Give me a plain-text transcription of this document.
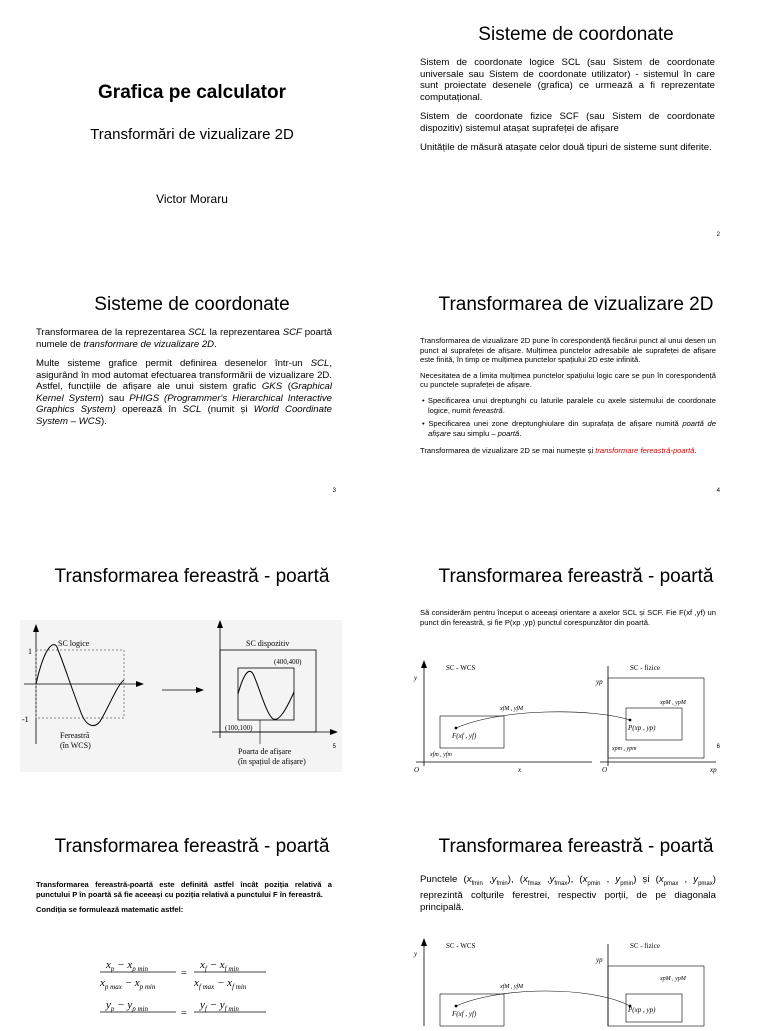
Grafica pe calculator
Transformări de vizualizare 2D
Victor Moraru
Sisteme de coordonate

Sistem de coordonate logice SCL (sau Sistem de coordonate universale sau Sistem de coordonate utilizator) - sistemul în care sunt proiectate desenele (grafica) ce urmează a fi reprezentate computațional.

Sistem de coordonate fizice SCF (sau Sistem de coordonate dispozitiv) sistemul atașat suprafeței de afișare

Unitățile de măsură atașate celor două tipuri de sisteme sunt diferite.

2
Sisteme de coordonate

Transformarea de la reprezentarea SCL la reprezentarea SCF poartă numele de transformare de vizualizare 2D.

Multe sisteme grafice permit definirea desenelor într-un SCL, asigurând în mod automat efectuarea transformării de vizualizare 2D. Astfel, funcțiile de afișare ale unui sistem grafic GKS (Graphical Kernel System) sau PHIGS (Programmer's Hierarchical Interactive Graphics System) operează în SCL (numit și World Coordinate System – WCS).

3
Transformarea de vizualizare 2D

Transformarea de vizualizare 2D pune în corespondență fiecărui punct al unui desen un punct al suprafeței de afișare. Mulțimea punctelor adresabile ale suprafeței de afișare este finită, în timp ce mulțimea punctelor spațiului 2D este infinită.

Necesitatea de a limita mulțimea punctelor spațiului logic care se pun în corespondență cu punctele suprafeței de afișare.

• Specificarea unui dreptunghi cu laturile paralele cu axele sistemului de coordonate logice, numit fereastră.
• Specificarea unei zone dreptunghiulare din suprafața de afișare numită poartă de afișare sau simplu – poartă.

Transformarea de vizualizare 2D se mai numește și transformare fereastră-poartă.

4
Transformarea fereastră - poartă
1
-1
SC logice
Fereastră
(în WCS)
SC dispozitiv
(400,400)
(100,100)
Poarta de afișare
(în spațiul de afișare)
5
Transformarea fereastră - poartă
Să considerăm pentru început o aceeași orientare a axelor SCL și SCF. Fie F(xf ,yf) un punct din fereastră, și fie P(xp ,yp) punctul corespunzător din poartă.
y
O	x
F(xf , yf)
xfM , yfM
xfm , yfm
SC - WCS
yp
O	xp
P(xp , yp)
xpM , ypM
xpm , ypm
SC - fizice
6
Transformarea fereastră - poartă

Transformarea fereastră-poartă este definită astfel încât poziția relativă a punctului P în poartă să fie aceeași cu poziția relativă a punctului F în fereastră.

Condiția se formulează matematic astfel:

$x_p - x_{p min}$
$x_{p max} - x_{p min}$
=
$x_f - x_{f min}$
$x_{f max} - x_{f min}$
$y_p - y_{p min}$	=
$y_f - y_{f min}$
Transformarea fereastră - poartă
Punctele ($x_{fmin}$ $,y_{fmin}$), ($x_{fmax}$ $,y_{fmax}$), ($x_{pmin}$ , $y_{pmin}$) și ($x_{pmax}$ , $y_{pmax}$) reprezintă colțurile ferestrei, respectiv porții, de pe diagonala principală.
y
F(xf , yf)
xfM , yfM
SC - WCS
yp
P(xp , yp)
xpM , ypM
SC - fizice
